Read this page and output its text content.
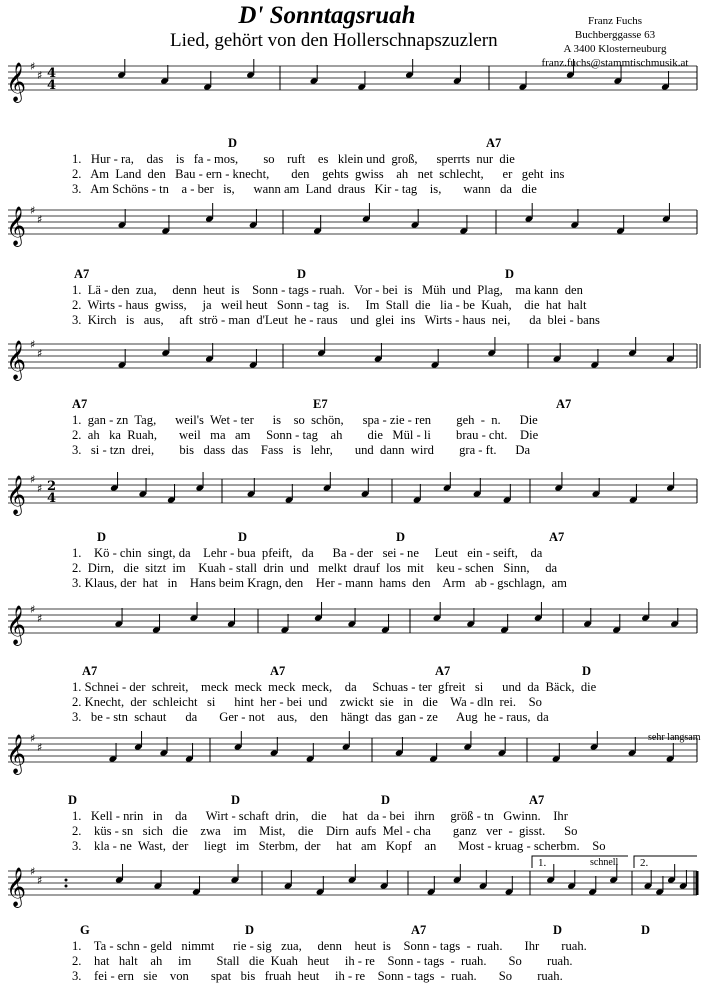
D' Sonntagsruah
Lied, gehört von den Hollerschnapszuzlern
Franz Fuchs
Buchberggasse 63
A 3400 Klosterneuburg
franz.fuchs@stammtischmusik.at
𝄞 ♯
♯
𝄞 ♯
♯
𝄞 ♯
♯
𝄞 ♯
♯
𝄞 ♯
♯
𝄞 ♯
♯
𝄞 ♯
♯
4
4
2
4
sehr langsam
schnell
1.	2.
D	A7
1.   Hur - ra,    das    is   fa - mos,        so    ruft    es   klein und  groß,      sperrts  nur  die
2.   Am  Land  den   Bau - ern - knecht,       den    gehts  gwiss    ah   net  schlecht,      er   geht  ins
3.   Am Schöns - tn    a - ber   is,      wann am  Land  draus   Kir - tag    is,       wann   da   die
A7	D	D
1.  Lä - den  zua,     denn  heut  is    Sonn - tags - ruah.   Vor - bei  is   Müh  und  Plag,    ma kann  den
2.  Wirts - haus  gwiss,     ja   weil heut   Sonn - tag   is.     Im  Stall  die   lia - be  Kuah,    die  hat  halt
3.  Kirch   is   aus,     aft  strö - man  d'Leut  he - raus    und  glei  ins   Wirts - haus  nei,      da  blei - bans
A7	E7	A7
1.  gan - zn  Tag,      weil's  Wet - ter      is    so  schön,      spa - zie - ren        geh  -  n.      Die
2.  ah   ka  Ruah,       weil   ma   am     Sonn - tag    ah        die   Mül - li        brau - cht.    Die
3.   si - tzn  drei,        bis   dass  das    Fass   is   lehr,       und  dann  wird        gra - ft.      Da
D	D	D	A7
1.    Kö - chin  singt, da    Lehr - bua  pfeift,   da      Ba - der   sei - ne     Leut   ein - seift,    da
2.  Dirn,   die  sitzt  im    Kuah - stall  drin  und   melkt  drauf  los  mit    keu - schen   Sinn,     da
3. Klaus, der  hat   in    Hans beim Kragn, den    Her - mann  hams  den    Arm   ab - gschlagn,  am
A7	A7	A7	D
1. Schnei - der  schreit,    meck  meck  meck  meck,    da     Schuas - ter  gfreit   si      und  da  Bäck,  die
2. Knecht,  der  schleicht   si      hint  her - bei  und    zwickt  sie   in   die    Wa - dln  rei.    So
3.   be - stn  schaut      da       Ger - not    aus,    den    hängt  das  gan - ze      Aug  he - raus,  da
D	D	D	A7
1.   Kell - nrin   in    da      Wirt - schaft  drin,    die     hat   da - bei   ihrn     größ - tn   Gwinn.    Ihr
2.    küs - sn   sich   die    zwa    im    Mist,    die    Dirn  aufs  Mel - cha       ganz   ver  -  gisst.      So
3.    kla - ne  Wast,  der     liegt   im   Sterbm,  der     hat   am   Kopf    an       Most - kruag - scherbm.    So
G	D	A7	D	D
1.    Ta - schn - geld   nimmt      rie - sig   zua,     denn    heut  is    Sonn - tags  -  ruah.       Ihr       ruah.
2.    hat   halt    ah     im        Stall   die  Kuah   heut     ih - re    Sonn - tags  -  ruah.       So        ruah.
3.    fei - ern   sie    von       spat   bis   fruah  heut     ih - re    Sonn - tags  -  ruah.       So        ruah.
